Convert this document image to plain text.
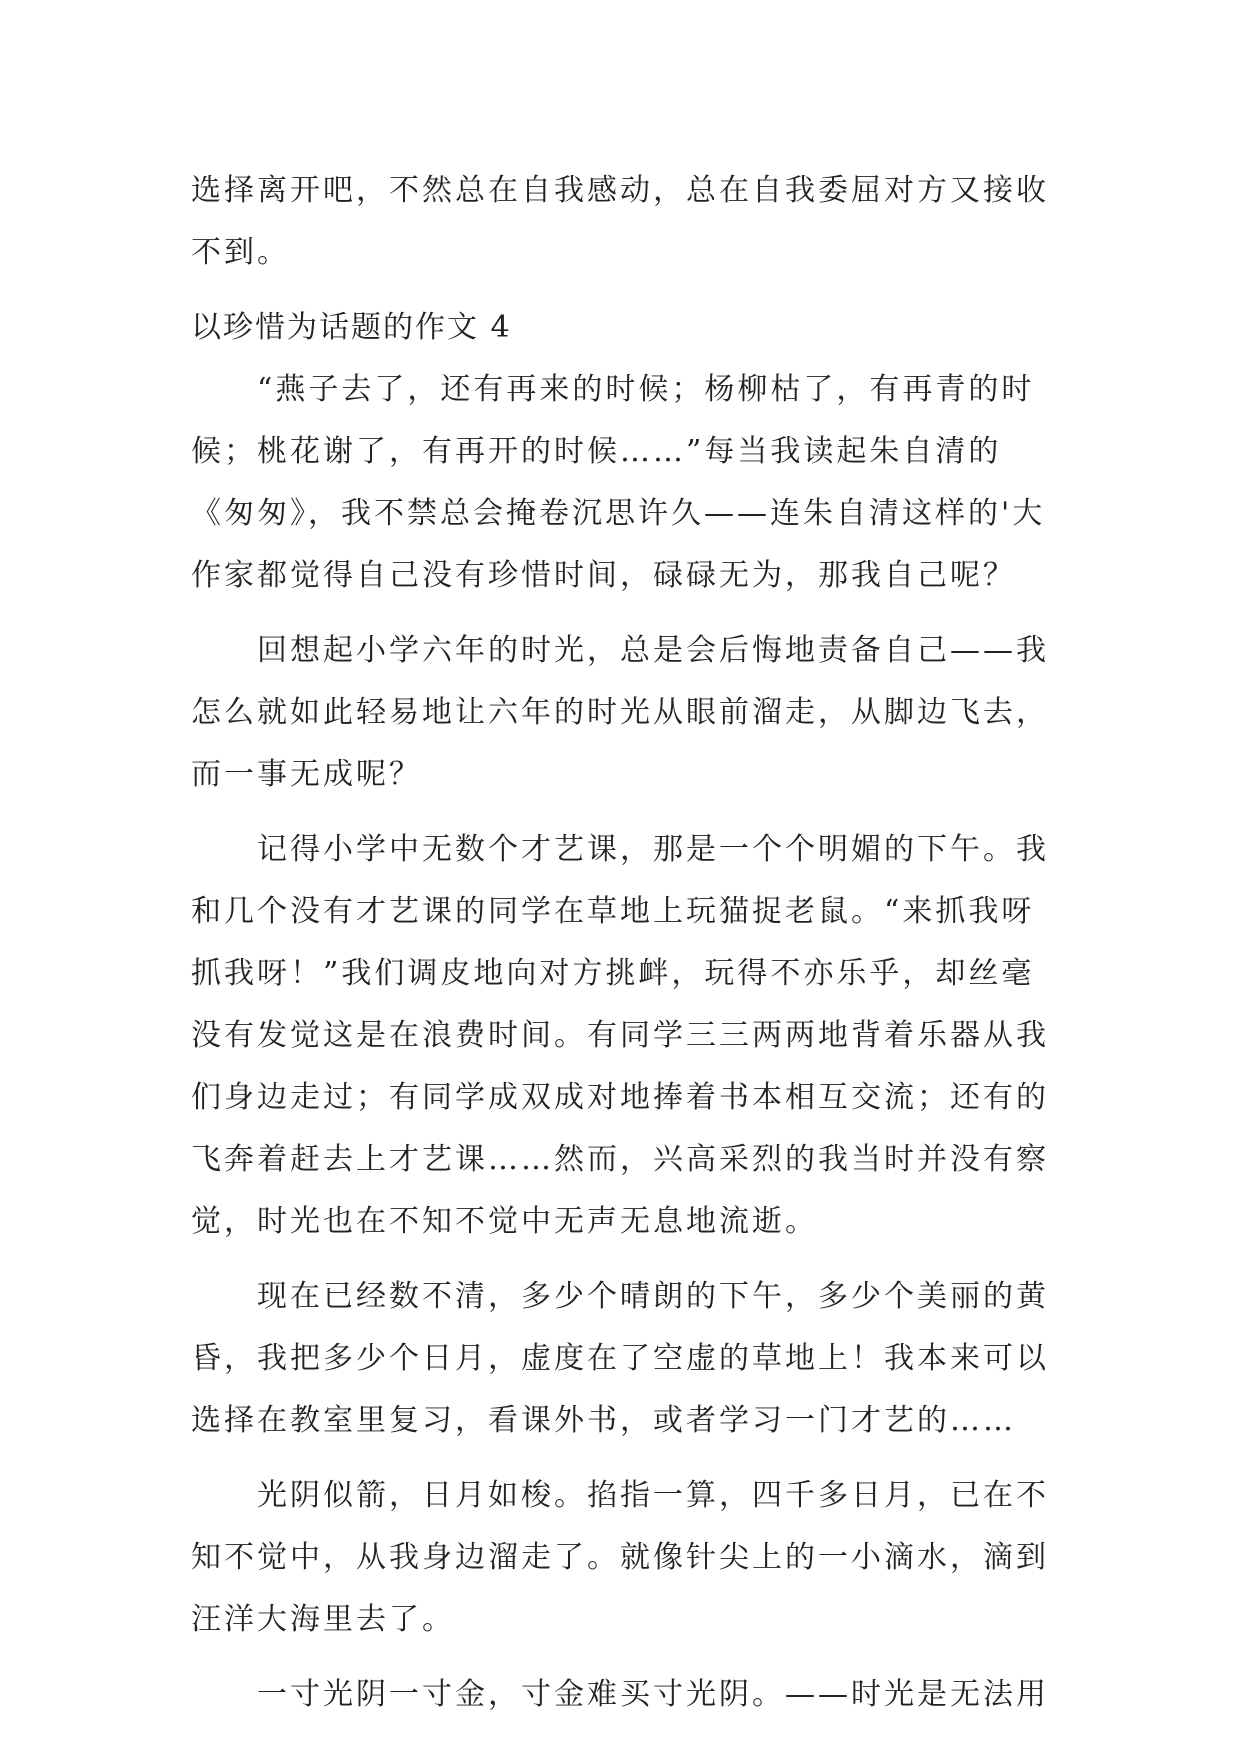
选择离开吧，不然总在自我感动，总在自我委屈对方又接收
不到。
以珍惜为话题的作文 4
“燕子去了，还有再来的时候；杨柳枯了，有再青的时
候；桃花谢了，有再开的时候……”每当我读起朱自清的
《匆匆》，我不禁总会掩卷沉思许久——连朱自清这样的'大
作家都觉得自己没有珍惜时间，碌碌无为，那我自己呢？
回想起小学六年的时光，总是会后悔地责备自己——我
怎么就如此轻易地让六年的时光从眼前溜走，从脚边飞去，
而一事无成呢？
记得小学中无数个才艺课，那是一个个明媚的下午。我
和几个没有才艺课的同学在草地上玩猫捉老鼠。“来抓我呀
抓我呀！”我们调皮地向对方挑衅，玩得不亦乐乎，却丝毫
没有发觉这是在浪费时间。有同学三三两两地背着乐器从我
们身边走过；有同学成双成对地捧着书本相互交流；还有的
飞奔着赶去上才艺课……然而，兴高采烈的我当时并没有察
觉，时光也在不知不觉中无声无息地流逝。
现在已经数不清，多少个晴朗的下午，多少个美丽的黄
昏，我把多少个日月，虚度在了空虚的草地上！我本来可以
选择在教室里复习，看课外书，或者学习一门才艺的……
光阴似箭，日月如梭。掐指一算，四千多日月，已在不
知不觉中，从我身边溜走了。就像针尖上的一小滴水，滴到
汪洋大海里去了。
一寸光阴一寸金，寸金难买寸光阴。——时光是无法用
